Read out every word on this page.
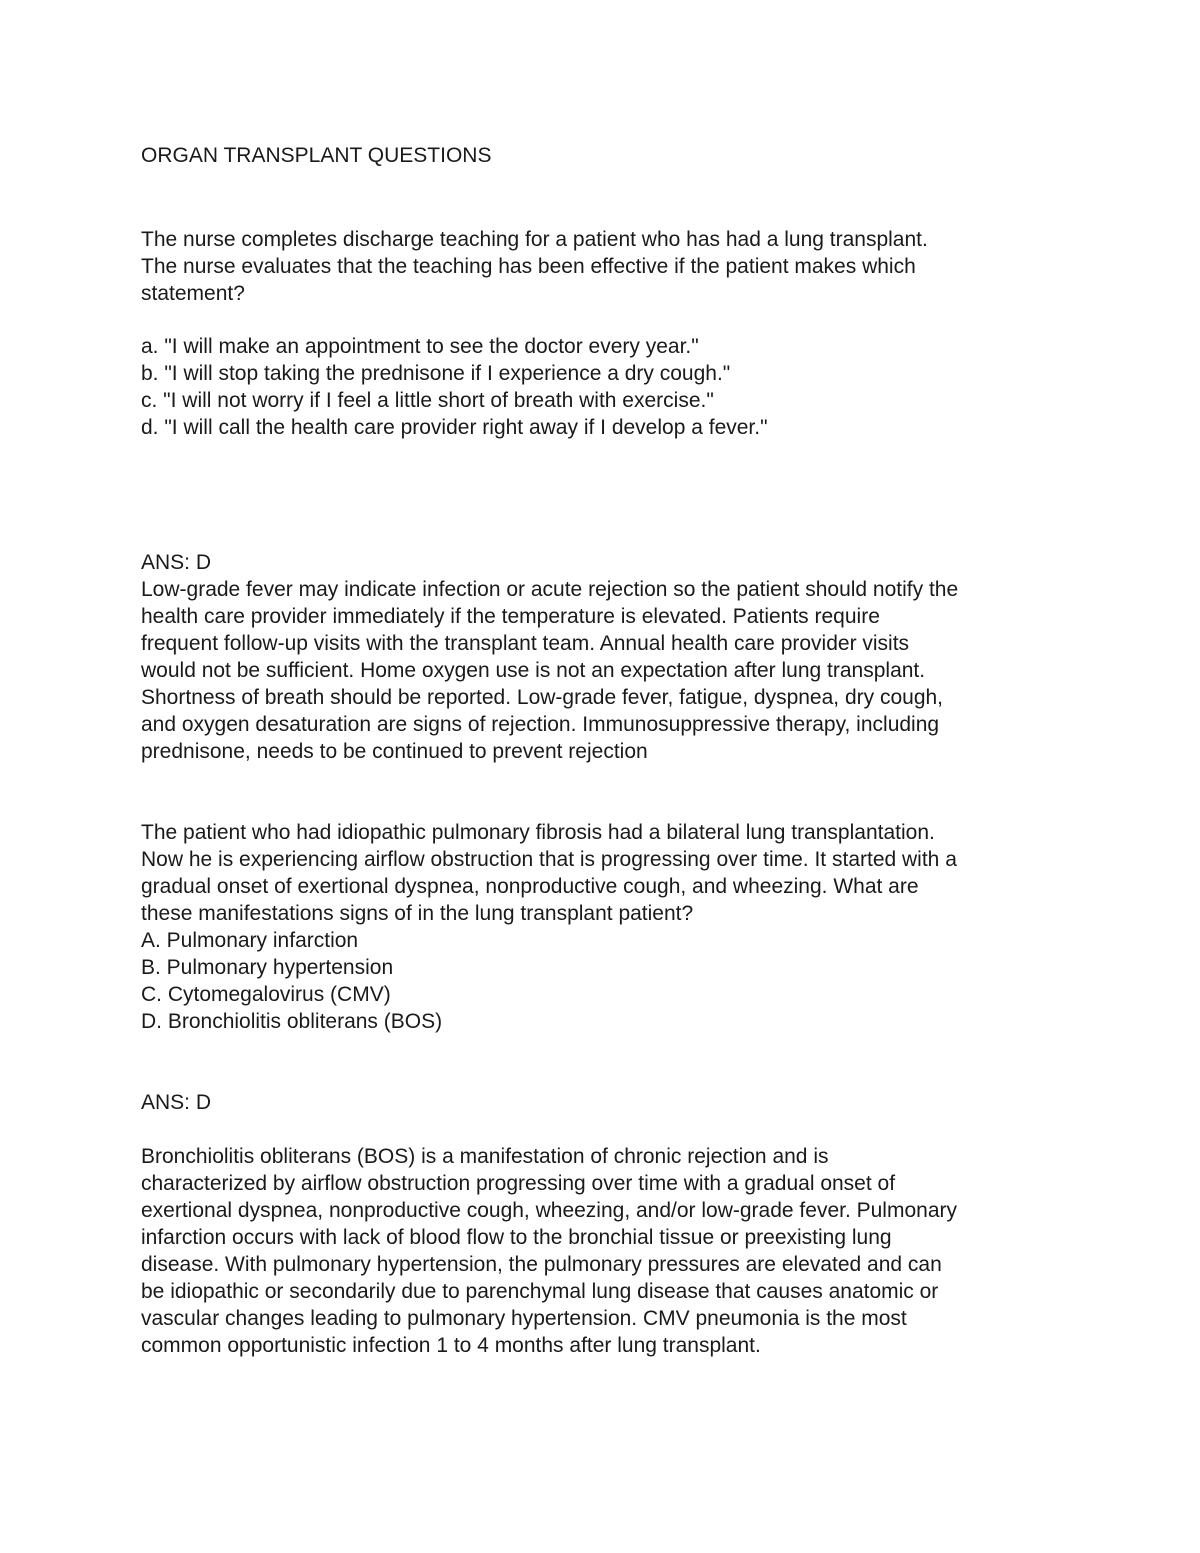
ORGAN TRANSPLANT QUESTIONS

The nurse completes discharge teaching for a patient who has had a lung transplant.
The nurse evaluates that the teaching has been effective if the patient makes which
statement?

a. "I will make an appointment to see the doctor every year."
b. "I will stop taking the prednisone if I experience a dry cough."
c. "I will not worry if I feel a little short of breath with exercise."
d. "I will call the health care provider right away if I develop a fever."

ANS: D
Low-grade fever may indicate infection or acute rejection so the patient should notify the
health care provider immediately if the temperature is elevated. Patients require
frequent follow-up visits with the transplant team. Annual health care provider visits
would not be sufficient. Home oxygen use is not an expectation after lung transplant.
Shortness of breath should be reported. Low-grade fever, fatigue, dyspnea, dry cough,
and oxygen desaturation are signs of rejection. Immunosuppressive therapy, including
prednisone, needs to be continued to prevent rejection

The patient who had idiopathic pulmonary fibrosis had a bilateral lung transplantation.
Now he is experiencing airflow obstruction that is progressing over time. It started with a
gradual onset of exertional dyspnea, nonproductive cough, and wheezing. What are
these manifestations signs of in the lung transplant patient?
A. Pulmonary infarction
B. Pulmonary hypertension
C. Cytomegalovirus (CMV)
D. Bronchiolitis obliterans (BOS)

ANS: D

Bronchiolitis obliterans (BOS) is a manifestation of chronic rejection and is
characterized by airflow obstruction progressing over time with a gradual onset of
exertional dyspnea, nonproductive cough, wheezing, and/or low-grade fever. Pulmonary
infarction occurs with lack of blood flow to the bronchial tissue or preexisting lung
disease. With pulmonary hypertension, the pulmonary pressures are elevated and can
be idiopathic or secondarily due to parenchymal lung disease that causes anatomic or
vascular changes leading to pulmonary hypertension. CMV pneumonia is the most
common opportunistic infection 1 to 4 months after lung transplant.
